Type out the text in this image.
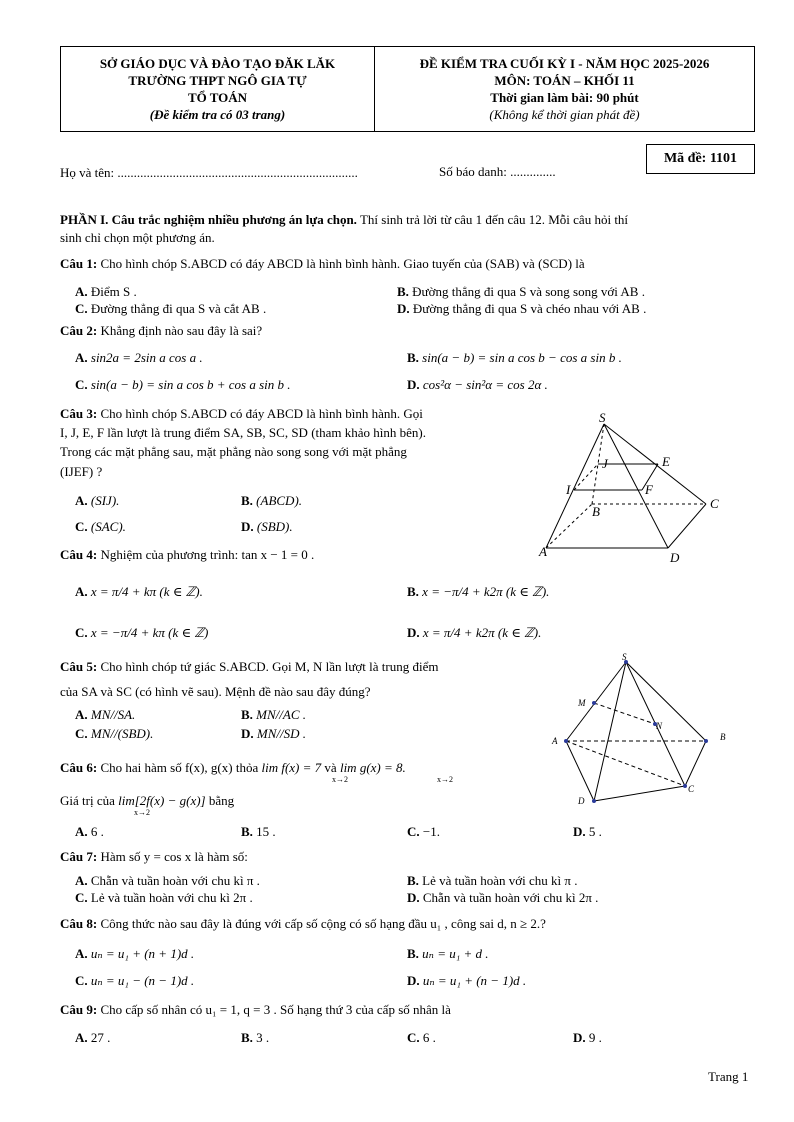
SỞ GIÁO DỤC VÀ ĐÀO TẠO ĐĂK LĂK
TRƯỜNG THPT NGÔ GIA TỰ
TỔ TOÁN
(Đề kiểm tra có 03 trang)
ĐỀ KIỂM TRA CUỐI KỲ I - NĂM HỌC 2025-2026
MÔN: TOÁN – KHỐI 11
Thời gian làm bài: 90 phút
(Không kể thời gian phát đề)
Họ và tên: ..........................................................................	Số báo danh: ..............
Mã đề: 1101
PHẦN I. Câu trắc nghiệm nhiều phương án lựa chọn. Thí sinh trả lời từ câu 1 đến câu 12. Mỗi câu hỏi thí
sinh chỉ chọn một phương án.
Câu 1: Cho hình chóp S.ABCD có đáy ABCD là hình bình hành. Giao tuyến của (SAB) và (SCD) là
A. Điểm S .	B. Đường thẳng đi qua S và song song với AB .
C. Đường thẳng đi qua S và cắt AB .	D. Đường thẳng đi qua S và chéo nhau với AB .
Câu 2: Khẳng định nào sau đây là sai?
A. sin2a = 2sin a cos a .	B. sin(a − b) = sin a cos b − cos a sin b .
C. sin(a − b) = sin a cos b + cos a sin b .	D. cos²α − sin²α = cos 2α .
Câu 3: Cho hình chóp S.ABCD có đáy ABCD là hình bình hành. Gọi
I, J, E, F lần lượt là trung điểm SA, SB, SC, SD (tham khảo hình bên).
Trong các mặt phẳng sau, mặt phẳng nào song song với mặt phẳng
(IJEF) ?
A. (SIJ).	B. (ABCD).
C. (SAC).	D. (SBD).
S
I
J	E
F
B
C
A	D
Câu 4: Nghiệm của phương trình: tan x − 1 = 0 .
A. x = π/4 + kπ (k ∈ ℤ).	B. x = −π/4 + k2π (k ∈ ℤ).
C. x = −π/4 + kπ (k ∈ ℤ)	D. x = π/4 + k2π (k ∈ ℤ).
Câu 5: Cho hình chóp tứ giác S.ABCD. Gọi M, N lần lượt là trung điểm
của SA và SC (có hình vẽ sau). Mệnh đề nào sau đây đúng?
A. MN//SA.	B. MN//AC .
C. MN//(SBD).	D. MN//SD .
S
M
N
A	B
C
D
Câu 6: Cho hai hàm số f(x), g(x) thỏa lim f(x) = 7 và lim g(x) = 8.
x→2	x→2
Giá trị của lim[2f(x) − g(x)] bằng
x→2
A. 6 .	B. 15 .	C. −1.	D. 5 .
Câu 7: Hàm số y = cos x là hàm số:
A. Chẵn và tuần hoàn với chu kì π .	B. Lẻ và tuần hoàn với chu kì π .
C. Lẻ và tuần hoàn với chu kì 2π .	D. Chẵn và tuần hoàn với chu kì 2π .
Câu 8: Công thức nào sau đây là đúng với cấp số cộng có số hạng đầu u₁ , công sai d, n ≥ 2.?
A. uₙ = u₁ + (n + 1)d .	B. uₙ = u₁ + d .
C. uₙ = u₁ − (n − 1)d .	D. uₙ = u₁ + (n − 1)d .
Câu 9: Cho cấp số nhân có u₁ = 1, q = 3 . Số hạng thứ 3 của cấp số nhân là
A. 27 .	B. 3 .	C. 6 .	D. 9 .
Trang 1
